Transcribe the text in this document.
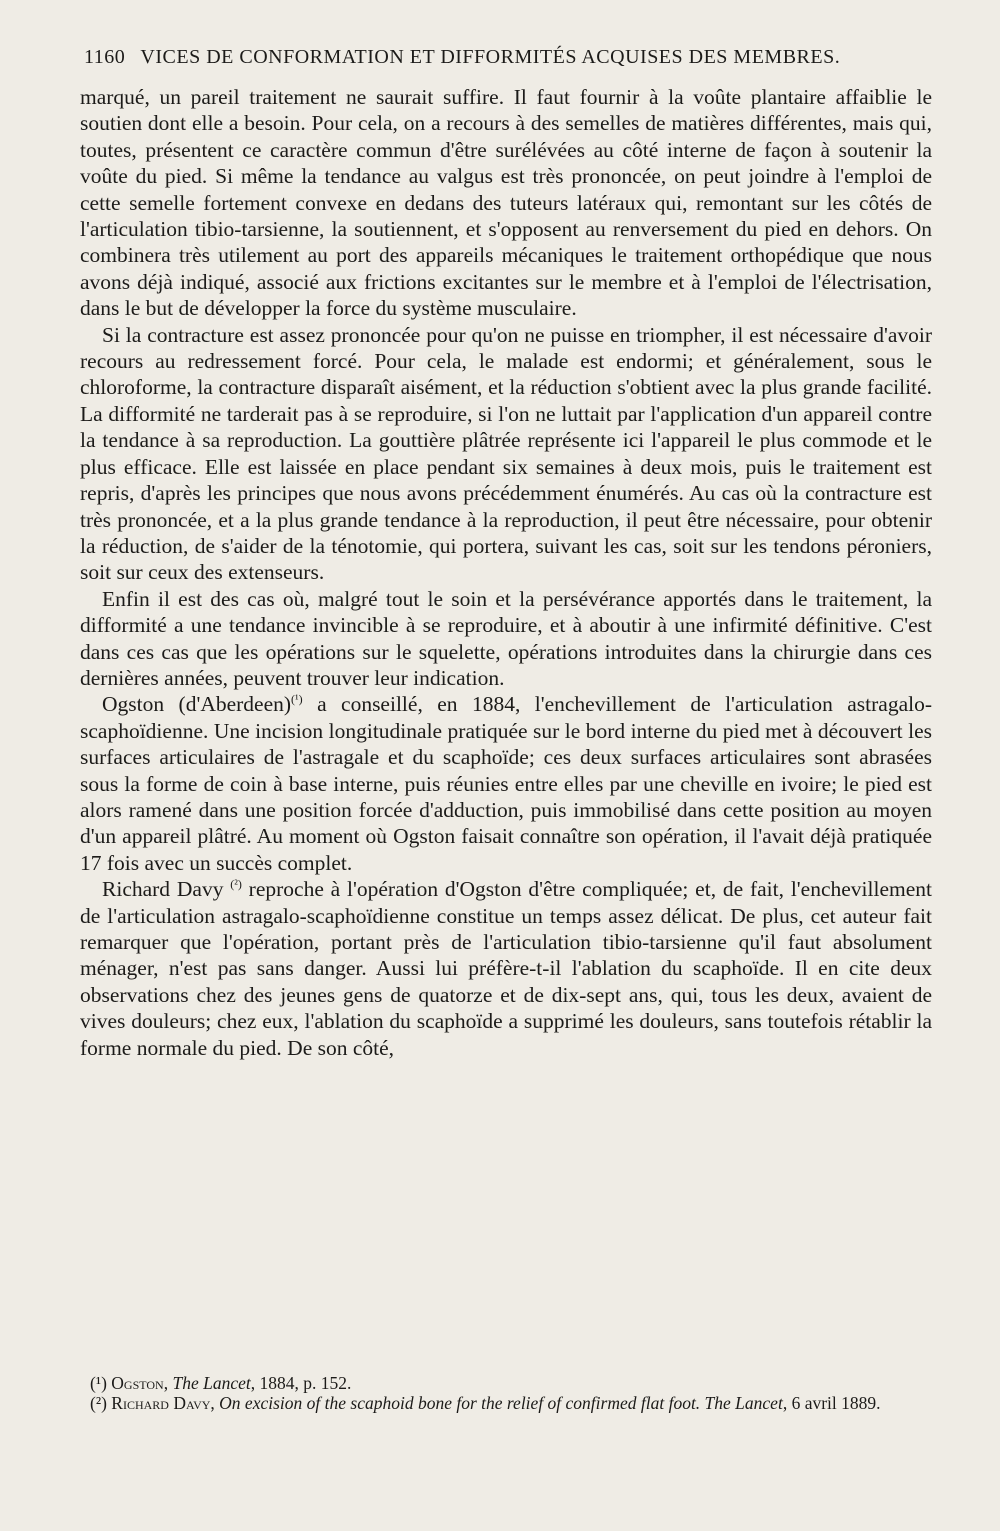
1160 VICES DE CONFORMATION ET DIFFORMITÉS ACQUISES DES MEMBRES.

marqué, un pareil traitement ne saurait suffire. Il faut fournir à la voûte plantaire affaiblie le soutien dont elle a besoin. Pour cela, on a recours à des semelles de matières différentes, mais qui, toutes, présentent ce caractère commun d'être surélévées au côté interne de façon à soutenir la voûte du pied. Si même la tendance au valgus est très prononcée, on peut joindre à l'emploi de cette semelle fortement convexe en dedans des tuteurs latéraux qui, remontant sur les côtés de l'articulation tibio-tarsienne, la soutiennent, et s'opposent au renversement du pied en dehors. On combinera très utilement au port des appareils mécaniques le traitement orthopédique que nous avons déjà indiqué, associé aux frictions excitantes sur le membre et à l'emploi de l'électrisation, dans le but de développer la force du système musculaire.

Si la contracture est assez prononcée pour qu'on ne puisse en triompher, il est nécessaire d'avoir recours au redressement forcé. Pour cela, le malade est endormi; et généralement, sous le chloroforme, la contracture disparaît aisément, et la réduction s'obtient avec la plus grande facilité. La difformité ne tarderait pas à se reproduire, si l'on ne luttait par l'application d'un appareil contre la tendance à sa reproduction. La gouttière plâtrée représente ici l'appareil le plus commode et le plus efficace. Elle est laissée en place pendant six semaines à deux mois, puis le traitement est repris, d'après les principes que nous avons précédemment énumérés. Au cas où la contracture est très prononcée, et a la plus grande tendance à la reproduction, il peut être nécessaire, pour obtenir la réduction, de s'aider de la ténotomie, qui portera, suivant les cas, soit sur les tendons péroniers, soit sur ceux des extenseurs.

Enfin il est des cas où, malgré tout le soin et la persévérance apportés dans le traitement, la difformité a une tendance invincible à se reproduire, et à aboutir à une infirmité définitive. C'est dans ces cas que les opérations sur le squelette, opérations introduites dans la chirurgie dans ces dernières années, peuvent trouver leur indication.

Ogston (d'Aberdeen)$^{(^1)}$ a conseillé, en 1884, l'enchevillement de l'articulation astragalo-scaphoïdienne. Une incision longitudinale pratiquée sur le bord interne du pied met à découvert les surfaces articulaires de l'astragale et du scaphoïde; ces deux surfaces articulaires sont abrasées sous la forme de coin à base interne, puis réunies entre elles par une cheville en ivoire; le pied est alors ramené dans une position forcée d'adduction, puis immobilisé dans cette position au moyen d'un appareil plâtré. Au moment où Ogston faisait connaître son opération, il l'avait déjà pratiquée 17 fois avec un succès complet.

Richard Davy $^{(^2)}$ reproche à l'opération d'Ogston d'être compliquée; et, de fait, l'enchevillement de l'articulation astragalo-scaphoïdienne constitue un temps assez délicat. De plus, cet auteur fait remarquer que l'opération, portant près de l'articulation tibio-tarsienne qu'il faut absolument ménager, n'est pas sans danger. Aussi lui préfère-t-il l'ablation du scaphoïde. Il en cite deux observations chez des jeunes gens de quatorze et de dix-sept ans, qui, tous les deux, avaient de vives douleurs; chez eux, l'ablation du scaphoïde a supprimé les douleurs, sans toutefois rétablir la forme normale du pied. De son côté,

(¹) Ogston, The Lancet, 1884, p. 152.

(²) Richard Davy, On excision of the scaphoid bone for the relief of confirmed flat foot. The Lancet, 6 avril 1889.
